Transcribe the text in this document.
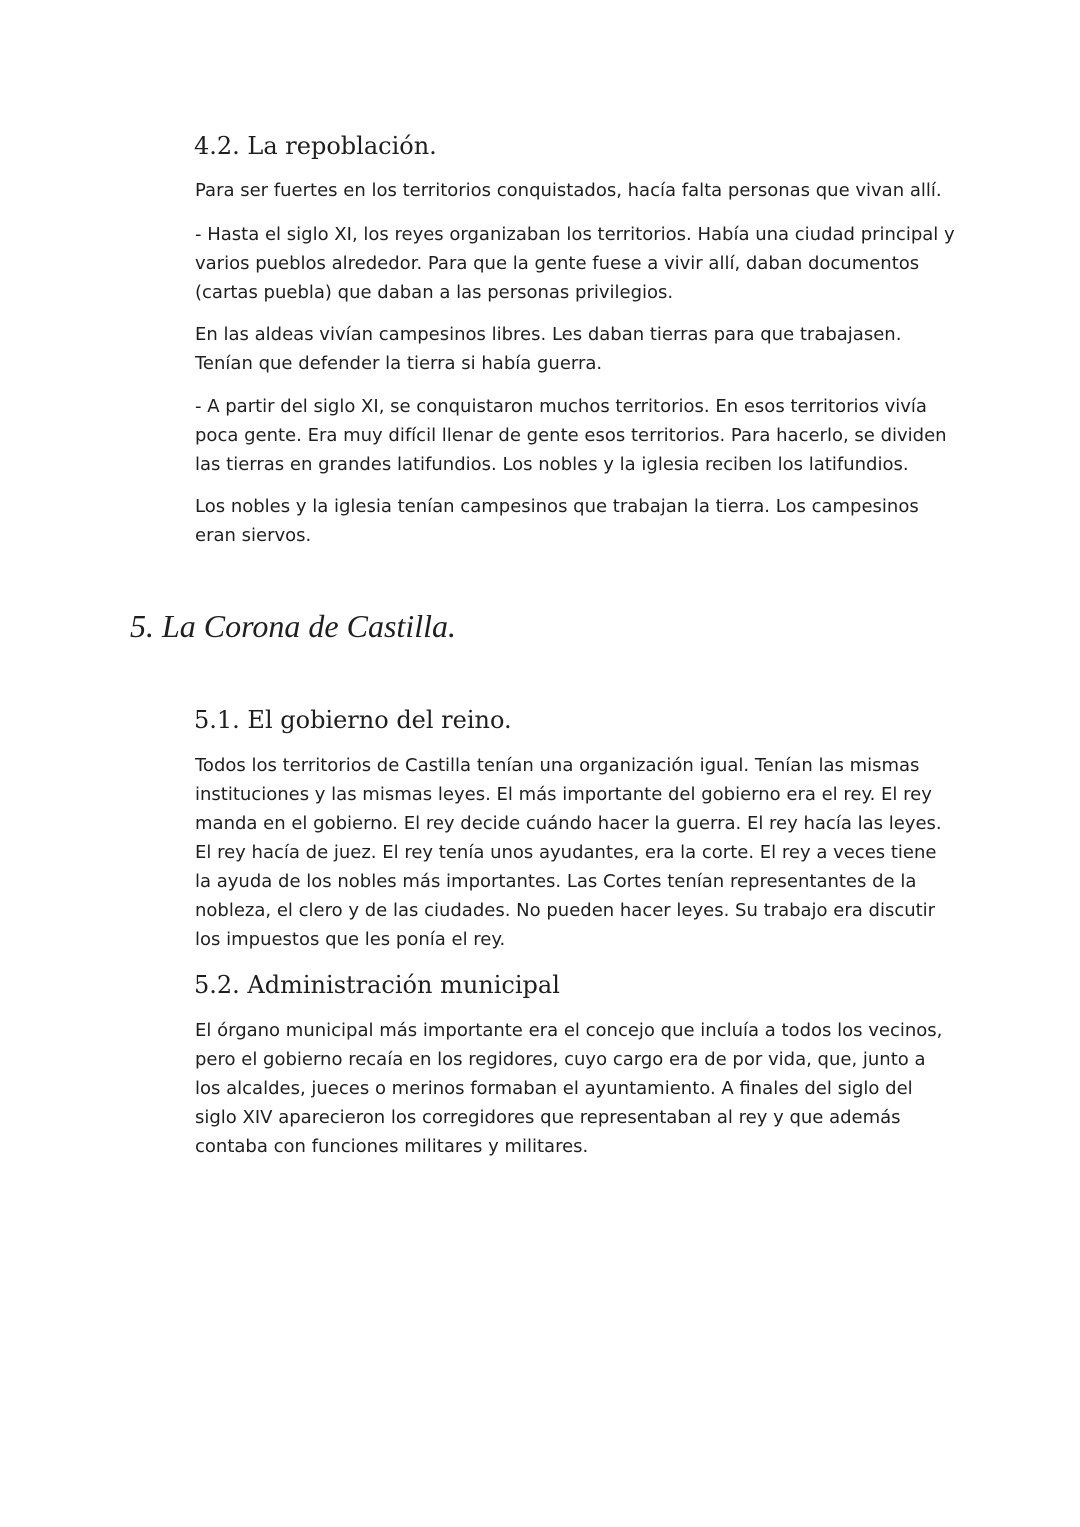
4.2. La repoblación.

Para ser fuertes en los territorios conquistados, hacía falta personas que vivan allí.

- Hasta el siglo XI, los reyes organizaban los territorios. Había una ciudad principal y varios pueblos alrededor. Para que la gente fuese a vivir allí, daban documentos (cartas puebla) que daban a las personas privilegios.

En las aldeas vivían campesinos libres. Les daban tierras para que trabajasen. Tenían que defender la tierra si había guerra.

- A partir del siglo XI, se conquistaron muchos territorios. En esos territorios vivía poca gente. Era muy difícil llenar de gente esos territorios. Para hacerlo, se dividen las tierras en grandes latifundios. Los nobles y la iglesia reciben los latifundios.

Los nobles y la iglesia tenían campesinos que trabajan la tierra. Los campesinos eran siervos.

5. La Corona de Castilla.
5.1. El gobierno del reino.

Todos los territorios de Castilla tenían una organización igual. Tenían las mismas instituciones y las mismas leyes. El más importante del gobierno era el rey. El rey manda en el gobierno. El rey decide cuándo hacer la guerra. El rey hacía las leyes. El rey hacía de juez. El rey tenía unos ayudantes, era la corte. El rey a veces tiene la ayuda de los nobles más importantes. Las Cortes tenían representantes de la nobleza, el clero y de las ciudades. No pueden hacer leyes. Su trabajo era discutir los impuestos que les ponía el rey.

5.2. Administración municipal

El órgano municipal más importante era el concejo que incluía a todos los vecinos, pero el gobierno recaía en los regidores, cuyo cargo era de por vida, que, junto a los alcaldes, jueces o merinos formaban el ayuntamiento. A finales del siglo del siglo XIV aparecieron los corregidores que representaban al rey y que además contaba con funciones militares y militares.
